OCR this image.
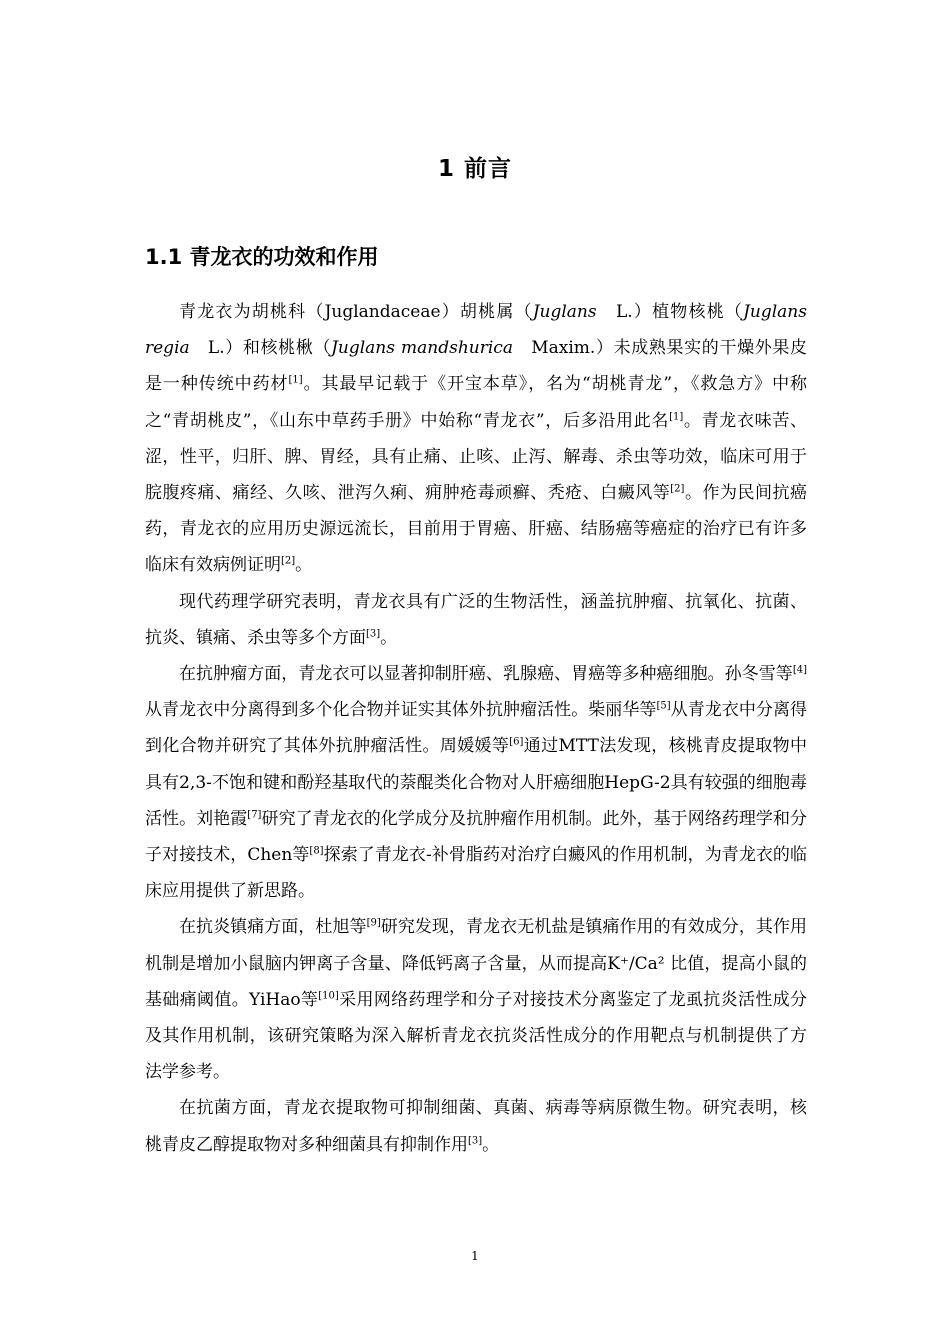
1 前言
1.1 青龙衣的功效和作用

青龙衣为胡桃科（Juglandaceae）胡桃属（Juglans　L.）植物核桃（Juglans regia　L.）和核桃楸（Juglans mandshurica　Maxim.）未成熟果实的干燥外果皮是一种传统中药材[1]。其最早记载于《开宝本草》，名为“胡桃青龙”，《救急方》中称之“青胡桃皮”，《山东中草药手册》中始称“青龙衣”，后多沿用此名[1]。青龙衣味苦、涩，性平，归肝、脾、胃经，具有止痛、止咳、止泻、解毒、杀虫等功效，临床可用于脘腹疼痛、痛经、久咳、泄泻久痢、痈肿疮毒顽癣、秃疮、白癜风等[2]。作为民间抗癌药，青龙衣的应用历史源远流长，目前用于胃癌、肝癌、结肠癌等癌症的治疗已有许多临床有效病例证明[2]。

现代药理学研究表明，青龙衣具有广泛的生物活性，涵盖抗肿瘤、抗氧化、抗菌、抗炎、镇痛、杀虫等多个方面[3]。

在抗肿瘤方面，青龙衣可以显著抑制肝癌、乳腺癌、胃癌等多种癌细胞。孙冬雪等[4]从青龙衣中分离得到多个化合物并证实其体外抗肿瘤活性。柴丽华等[5]从青龙衣中分离得到化合物并研究了其体外抗肿瘤活性。周媛媛等[6]通过MTT法发现，核桃青皮提取物中具有2,3-不饱和键和酚羟基取代的萘醌类化合物对人肝癌细胞HepG-2具有较强的细胞毒活性。刘艳霞[7]研究了青龙衣的化学成分及抗肿瘤作用机制。此外，基于网络药理学和分子对接技术，Chen等[8]探索了青龙衣-补骨脂药对治疗白癜风的作用机制，为青龙衣的临床应用提供了新思路。

在抗炎镇痛方面，杜旭等[9]研究发现，青龙衣无机盐是镇痛作用的有效成分，其作用机制是增加小鼠脑内钾离子含量、降低钙离子含量，从而提高K⁺/Ca² 比值，提高小鼠的基础痛阈值。YiHao等[10]采用网络药理学和分子对接技术分离鉴定了龙虱抗炎活性成分及其作用机制，该研究策略为深入解析青龙衣抗炎活性成分的作用靶点与机制提供了方法学参考。

在抗菌方面，青龙衣提取物可抑制细菌、真菌、病毒等病原微生物。研究表明，核桃青皮乙醇提取物对多种细菌具有抑制作用[3]。

1
